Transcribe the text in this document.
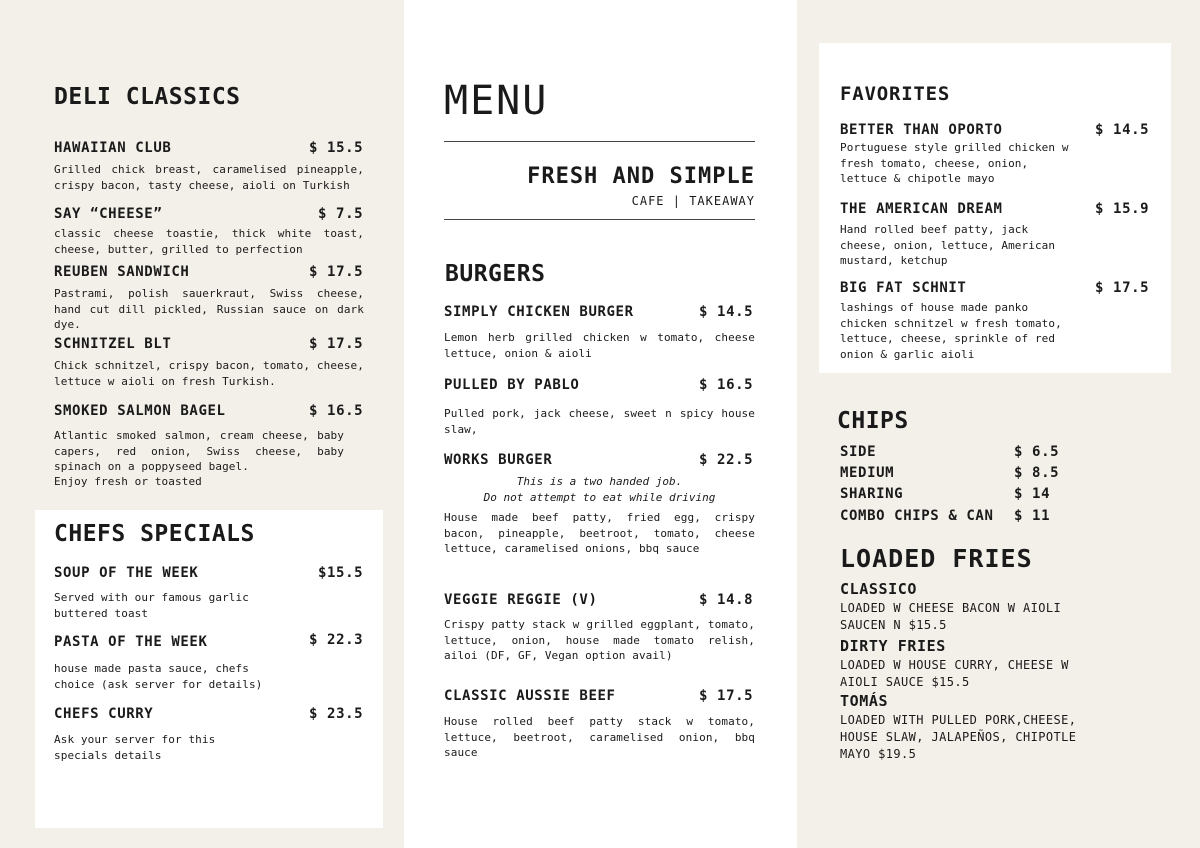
DELI CLASSICS
HAWAIIAN CLUB	$ 15.5
Grilled chick breast, caramelised pineapple, crispy bacon, tasty cheese, aioli on Turkish
SAY “CHEESE”	$ 7.5
classic cheese toastie, thick white toast, cheese, butter, grilled to perfection
REUBEN SANDWICH	$ 17.5
Pastrami, polish sauerkraut, Swiss cheese, hand cut dill pickled, Russian sauce on dark dye.
SCHNITZEL BLT	$ 17.5
Chick schnitzel, crispy bacon, tomato, cheese, lettuce w aioli on fresh Turkish.
SMOKED SALMON BAGEL	$ 16.5
Atlantic smoked salmon, cream cheese, baby capers, red onion, Swiss cheese, baby spinach on a poppyseed bagel.
Enjoy fresh or toasted
CHEFS SPECIALS
SOUP OF THE WEEK	$15.5
Served with our famous garlic buttered toast
PASTA OF THE WEEK	$ 22.3
house made pasta sauce, chefs choice (ask server for details)
CHEFS CURRY	$ 23.5
Ask your server for this specials details
MENU
FRESH AND SIMPLE
CAFE | TAKEAWAY
BURGERS
SIMPLY CHICKEN BURGER	$ 14.5
Lemon herb grilled chicken w tomato, cheese lettuce, onion & aioli
PULLED BY PABLO	$ 16.5
Pulled pork, jack cheese, sweet n spicy house slaw,
WORKS BURGER	$ 22.5
This is a two handed job.
Do not attempt to eat while driving
House made beef patty, fried egg, crispy bacon, pineapple, beetroot, tomato, cheese lettuce, caramelised onions, bbq sauce
VEGGIE REGGIE (V)	$ 14.8
Crispy patty stack w grilled eggplant, tomato, lettuce, onion, house made tomato relish, ailoi (DF, GF, Vegan option avail)
CLASSIC AUSSIE BEEF	$ 17.5
House rolled beef patty stack w tomato, lettuce, beetroot, caramelised onion, bbq sauce
FAVORITES
BETTER THAN OPORTO	$ 14.5
Portuguese style grilled chicken w fresh tomato, cheese, onion, lettuce & chipotle mayo
THE AMERICAN DREAM	$ 15.9
Hand rolled beef patty, jack cheese, onion, lettuce, American mustard, ketchup
BIG FAT SCHNIT	$ 17.5
lashings of house made panko chicken schnitzel w fresh tomato, lettuce, cheese, sprinkle of red onion & garlic aioli
CHIPS
SIDE	$ 6.5
MEDIUM	$ 8.5
SHARING	$ 14
COMBO CHIPS & CAN $ 11
LOADED FRIES
CLASSICO
LOADED W CHEESE BACON W AIOLI SAUCEN N $15.5
DIRTY FRIES
LOADED W HOUSE CURRY, CHEESE W AIOLI SAUCE $15.5
TOMÁS
LOADED WITH PULLED PORK,CHEESE, HOUSE SLAW, JALAPEÑOS, CHIPOTLE MAYO $19.5
